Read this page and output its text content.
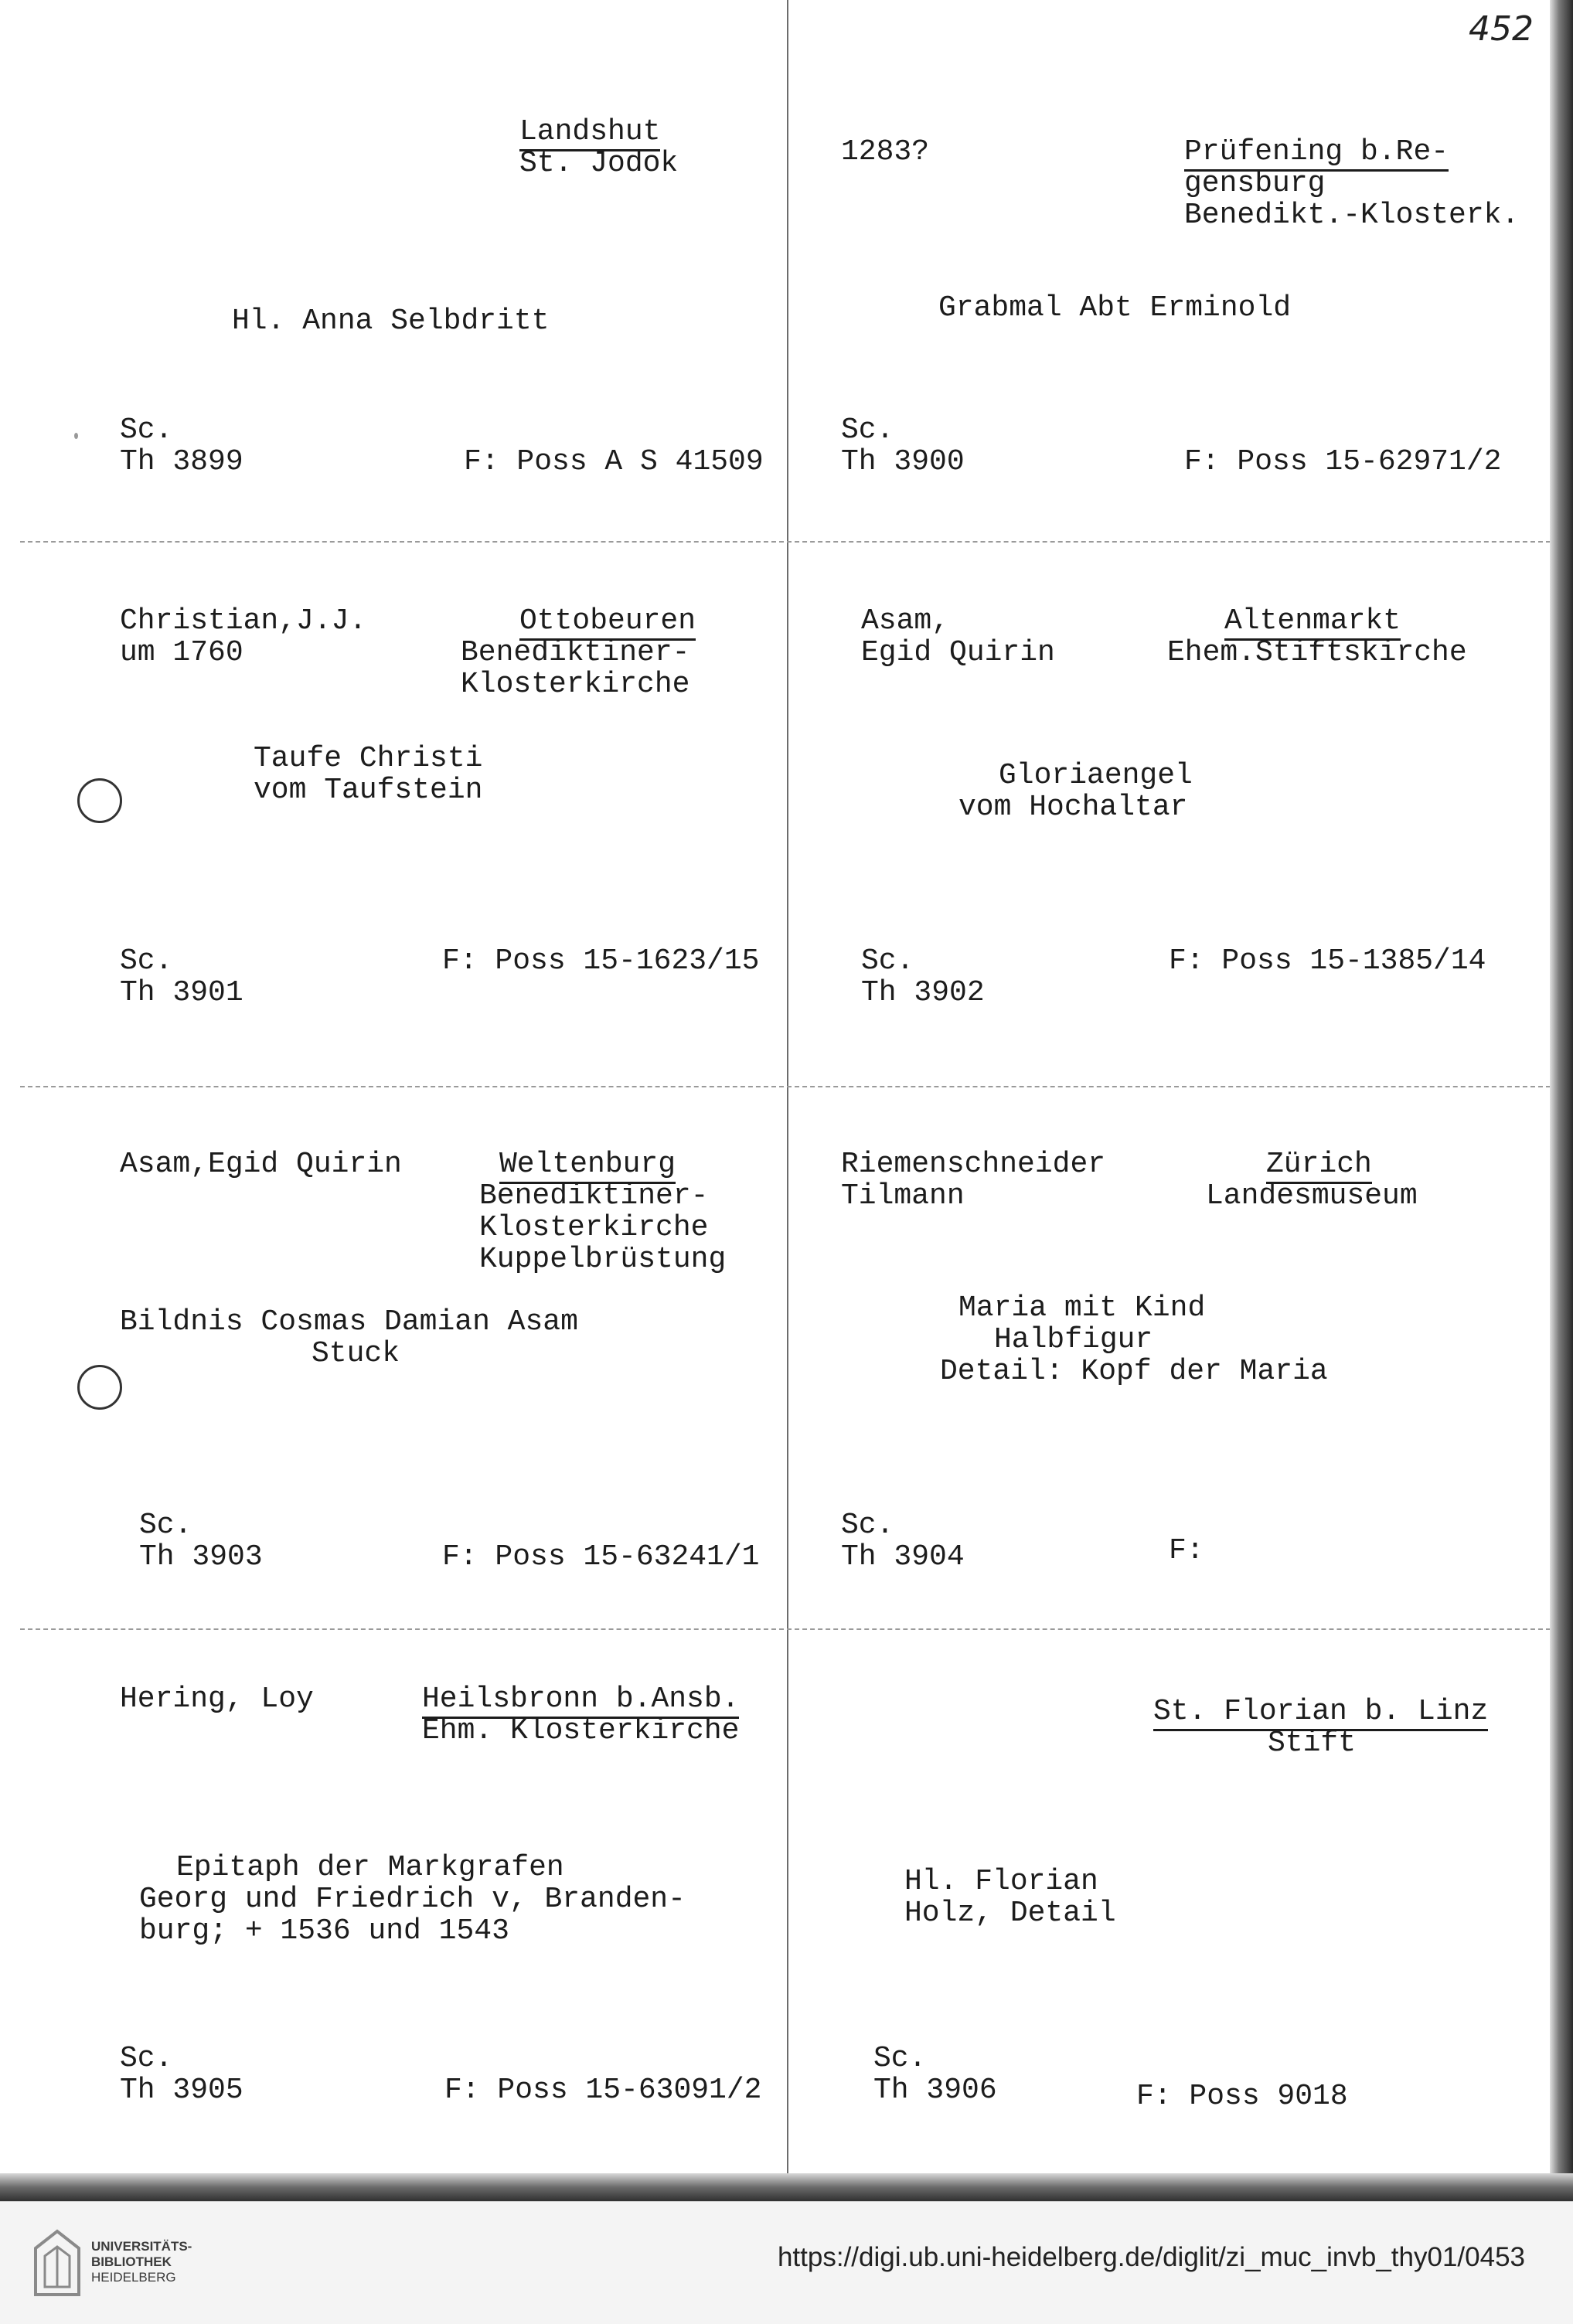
452
Landshut
St. Jodok
Hl. Anna Selbdritt
Sc.
Th 3899	F: Poss A S 41509
1283?	Prüfening b.Re-
gensburg
Benedikt.-Klosterk.
Grabmal Abt Erminold
Sc.
Th 3900	F: Poss 15-62971/2
Christian,J.J.
um 1760
Ottobeuren
Benediktiner-
Klosterkirche
Taufe Christi
vom Taufstein
Sc.
Th 3901
F: Poss 15-1623/15
Asam,
Egid Quirin
Altenmarkt
Ehem.Stiftskirche
Gloriaengel
vom Hochaltar
Sc.
Th 3902
F: Poss 15-1385/14
Asam,Egid Quirin	Weltenburg
Benediktiner-
Klosterkirche
Kuppelbrüstung
Bildnis Cosmas Damian Asam
Stuck
Sc.
Th 3903	F: Poss 15-63241/1
Riemenschneider
Tilmann
Zürich
Landesmuseum
Maria mit Kind
Halbfigur
Detail: Kopf der Maria
Sc.
Th 3904	F:
Hering, Loy	Heilsbronn b.Ansb.
Ehm. Klosterkirche
Epitaph der Markgrafen
Georg und Friedrich v, Branden-
burg; + 1536 und 1543
Sc.
Th 3905	F: Poss 15-63091/2
St. Florian b. Linz
Stift
Hl. Florian
Holz, Detail
Sc.
Th 3906	F: Poss 9018
UNIVERSITÄTS-
BIBLIOTHEK
HEIDELBERG
https://digi.ub.uni-heidelberg.de/diglit/zi_muc_invb_thy01/0453
